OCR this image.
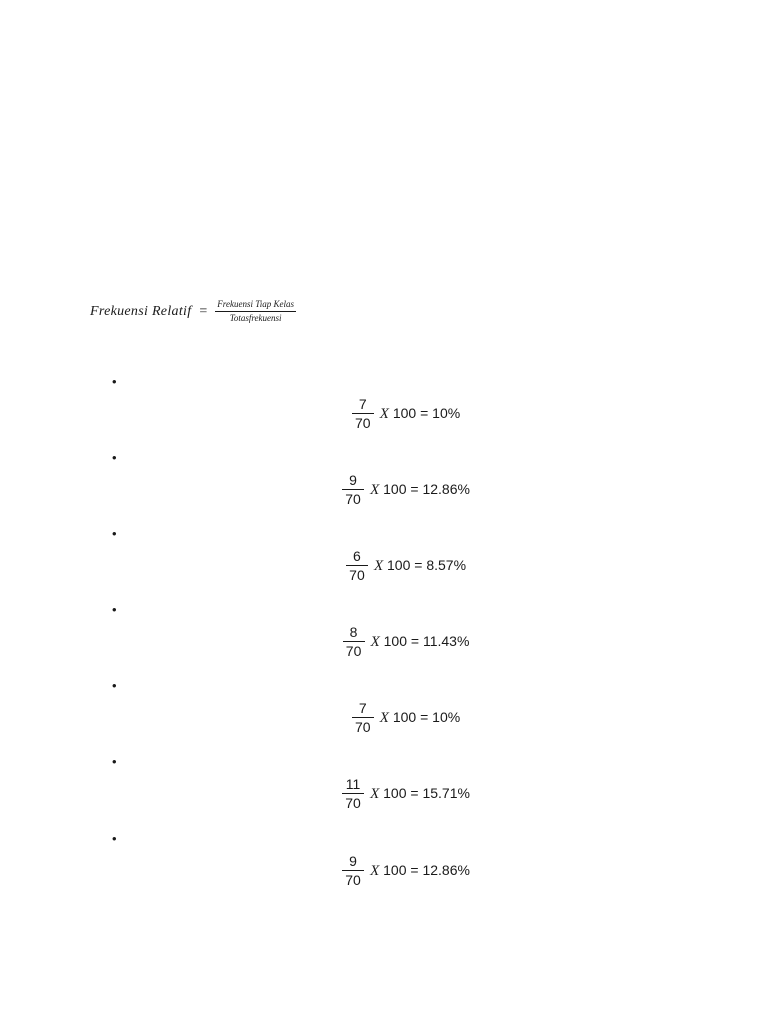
Frekuensi Relatif = $\frac{\text{Frekuensi Tiap Kelas}}{\text{Totasfrekuensi}}$
•
$\frac{7}{70}$ X 100 = 10%
•
$\frac{9}{70}$ X 100 = 12.86%
•
$\frac{6}{70}$ X 100 = 8.57%
•
$\frac{8}{70}$ X 100 = 11.43%
•
$\frac{7}{70}$ X 100 = 10%
•
$\frac{11}{70}$ X 100 = 15.71%
•
$\frac{9}{70}$ X 100 = 12.86%
